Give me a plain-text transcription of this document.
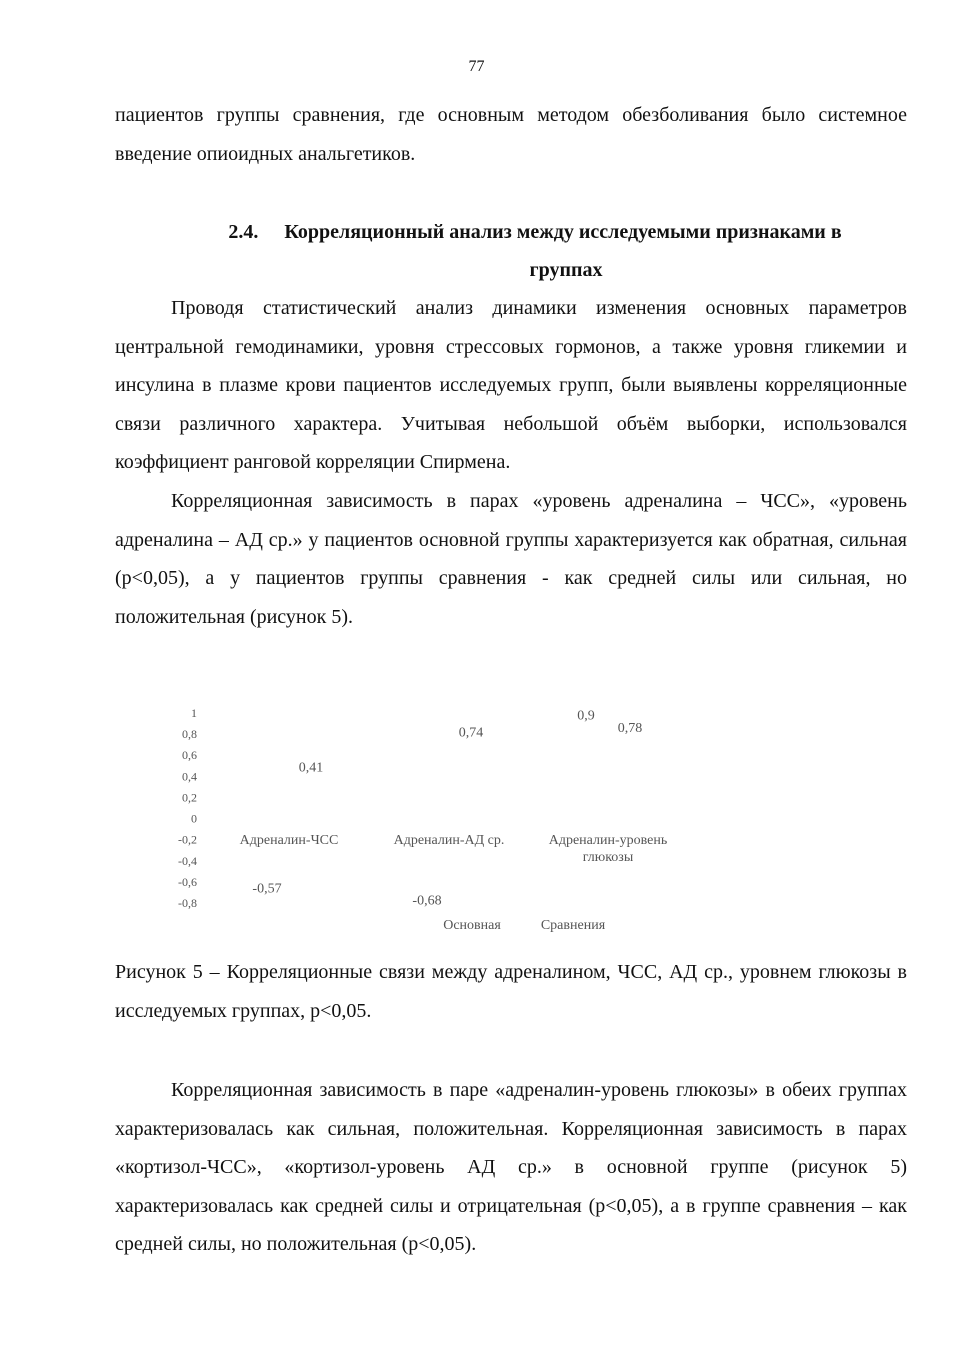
77

пациентов группы сравнения, где основным методом обезболивания было системное введение опиоидных анальгетиков.

2.4. Корреляционный анализ между исследуемыми признаками в
группах

Проводя статистический анализ динамики изменения основных параметров центральной гемодинамики, уровня стрессовых гормонов, а также уровня гликемии и инсулина в плазме крови пациентов исследуемых групп, были выявлены корреляционные связи различного характера. Учитывая небольшой объём выборки, использовался коэффициент ранговой корреляции Спирмена.

Корреляционная зависимость в парах «уровень адреналина – ЧСС», «уровень адреналина – АД ср.» у пациентов основной группы характеризуется как обратная, сильная (p<0,05), а у пациентов группы сравнения - как средней силы или сильная, но положительная (рисунок 5).

1
0,8
0,6
0,4
0,2
0
-0,2
-0,4
-0,6
-0,8
Адреналин-ЧСС	Адреналин-АД ср.	Адреналин-уровень глюкозы
-0,57
-0,68
0,9
0,41
0,74	0,78
Основная	Сравнения

Рисунок 5 – Корреляционные связи между адреналином, ЧСС, АД ср., уровнем глюкозы в исследуемых группах, p<0,05.

Корреляционная зависимость в паре «адреналин-уровень глюкозы» в обеих группах характеризовалась как сильная, положительная. Корреляционная зависимость в парах «кортизол-ЧСС», «кортизол-уровень АД ср.» в основной группе (рисунок 5) характеризовалась как средней силы и отрицательная (p<0,05), а в группе сравнения – как средней силы, но положительная (p<0,05).
